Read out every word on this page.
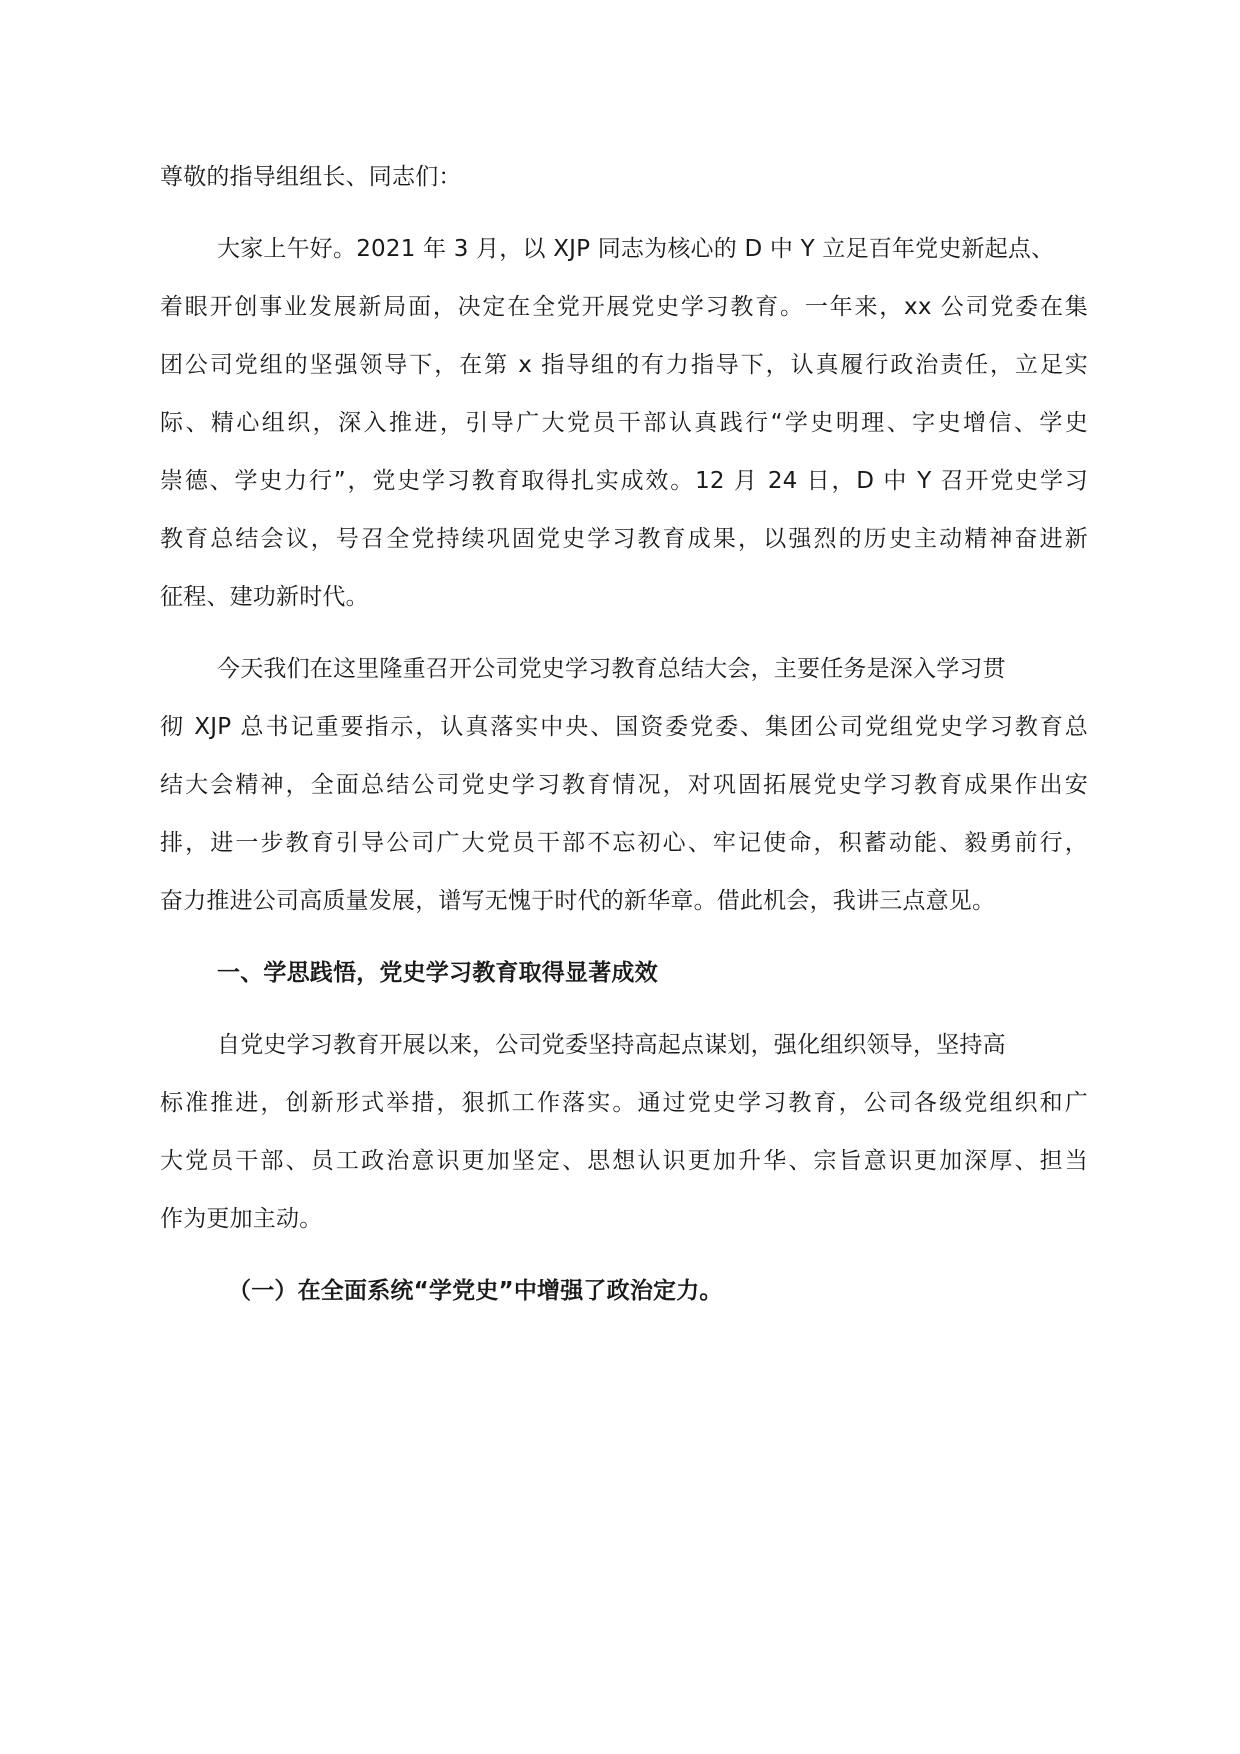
尊敬的指导组组长、同志们：
大家上午好。2021 年 3 月，以 XJP 同志为核心的 D 中 Y 立足百年党史新起点、
着眼开创事业发展新局面，决定在全党开展党史学习教育。一年来，xx 公司党委在集
团公司党组的坚强领导下，在第 x 指导组的有力指导下，认真履行政治责任，立足实
际、精心组织，深入推进，引导广大党员干部认真践行“学史明理、字史增信、学史
崇德、学史力行”，党史学习教育取得扎实成效。12 月 24 日，D 中 Y 召开党史学习
教育总结会议，号召全党持续巩固党史学习教育成果，以强烈的历史主动精神奋进新
征程、建功新时代。
今天我们在这里隆重召开公司党史学习教育总结大会，主要任务是深入学习贯
彻 XJP 总书记重要指示，认真落实中央、国资委党委、集团公司党组党史学习教育总
结大会精神，全面总结公司党史学习教育情况，对巩固拓展党史学习教育成果作出安
排，进一步教育引导公司广大党员干部不忘初心、牢记使命，积蓄动能、毅勇前行，
奋力推进公司高质量发展，谱写无愧于时代的新华章。借此机会，我讲三点意见。
一、学思践悟，党史学习教育取得显著成效
自党史学习教育开展以来，公司党委坚持高起点谋划，强化组织领导，坚持高
标准推进，创新形式举措，狠抓工作落实。通过党史学习教育，公司各级党组织和广
大党员干部、员工政治意识更加坚定、思想认识更加升华、宗旨意识更加深厚、担当
作为更加主动。
（一）在全面系统“学党史”中增强了政治定力。
